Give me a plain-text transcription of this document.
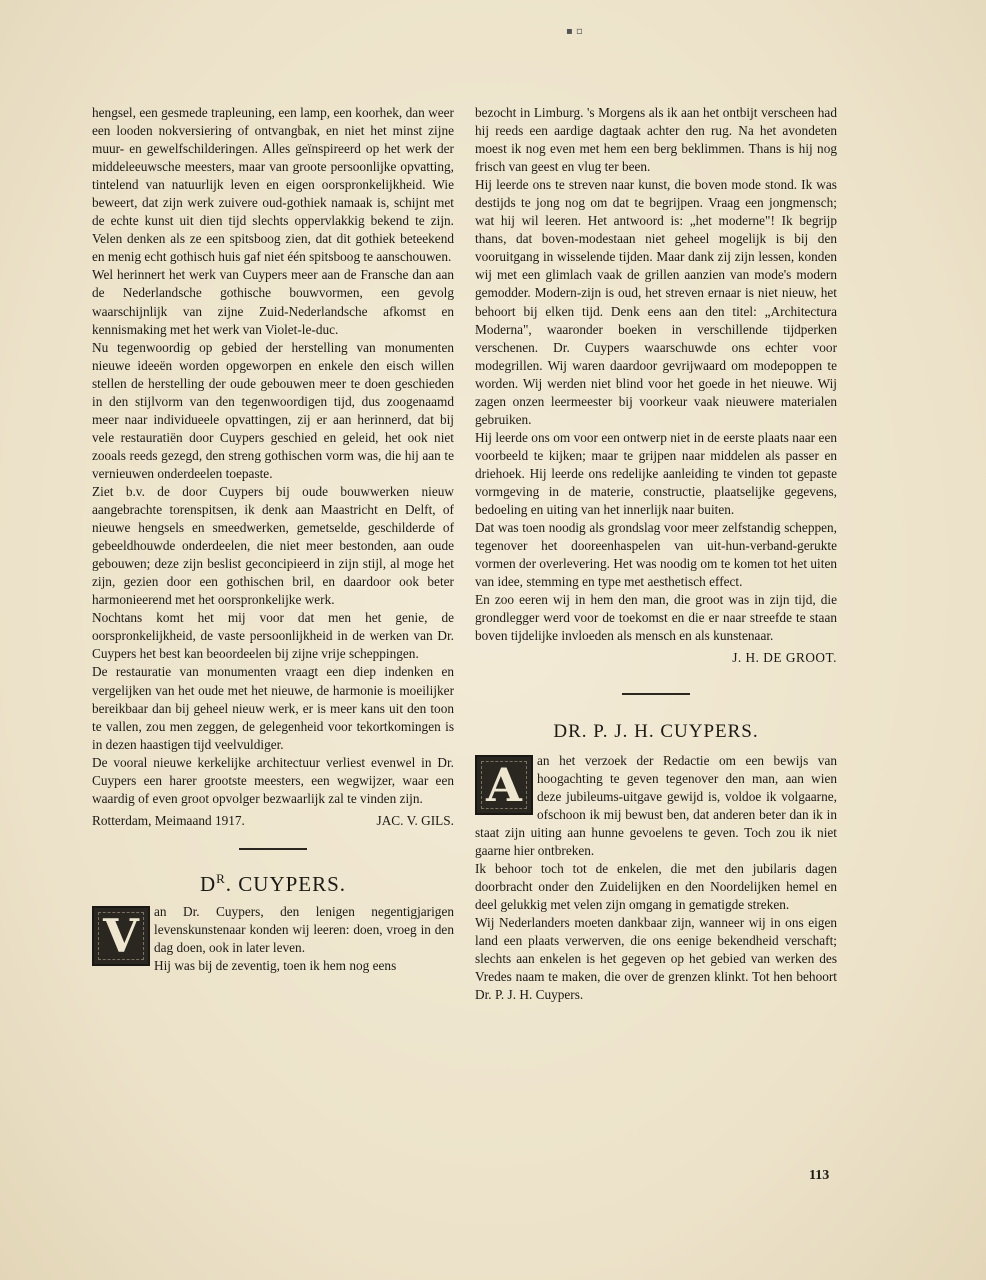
▪ ▫

hengsel, een gesmede trapleuning, een lamp, een koorhek, dan weer een looden nokversiering of ontvangbak, en niet het minst zijne muur- en gewelfschilderingen. Alles geïnspireerd op het werk der middeleeuwsche meesters, maar van groote persoonlijke opvatting, tintelend van natuurlijk leven en eigen oorspronkelijkheid. Wie beweert, dat zijn werk zuivere oud-gothiek namaak is, schijnt met de echte kunst uit dien tijd slechts oppervlakkig bekend te zijn. Velen denken als ze een spitsboog zien, dat dit gothiek beteekend en menig echt gothisch huis gaf niet één spitsboog te aanschouwen.

Wel herinnert het werk van Cuypers meer aan de Fransche dan aan de Nederlandsche gothische bouwvormen, een gevolg waarschijnlijk van zijne Zuid-Nederlandsche afkomst en kennismaking met het werk van Violet-le-duc.

Nu tegenwoordig op gebied der herstelling van monumenten nieuwe ideeën worden opgeworpen en enkele den eisch willen stellen de herstelling der oude gebouwen meer te doen geschieden in den stijlvorm van den tegenwoordigen tijd, dus zoogenaamd meer naar individueele opvattingen, zij er aan herinnerd, dat bij vele restauratiën door Cuypers geschied en geleid, het ook niet zooals reeds gezegd, den streng gothischen vorm was, die hij aan te vernieuwen onderdeelen toepaste.

Ziet b.v. de door Cuypers bij oude bouwwerken nieuw aangebrachte torenspitsen, ik denk aan Maastricht en Delft, of nieuwe hengsels en smeedwerken, gemetselde, geschilderde of gebeeldhouwde onderdeelen, die niet meer bestonden, aan oude gebouwen; deze zijn beslist geconcipieerd in zijn stijl, al moge het zijn, gezien door een gothischen bril, en daardoor ook beter harmonieerend met het oorspronkelijke werk.

Nochtans komt het mij voor dat men het genie, de oorspronkelijkheid, de vaste persoonlijkheid in de werken van Dr. Cuypers het best kan beoordeelen bij zijne vrije scheppingen.

De restauratie van monumenten vraagt een diep indenken en vergelijken van het oude met het nieuwe, de harmonie is moeilijker bereikbaar dan bij geheel nieuw werk, er is meer kans uit den toon te vallen, zou men zeggen, de gelegenheid voor tekortkomingen is in dezen haastigen tijd veelvuldiger.

De vooral nieuwe kerkelijke architectuur verliest evenwel in Dr. Cuypers een harer grootste meesters, een wegwijzer, waar een waardig of even groot opvolger bezwaarlijk zal te vinden zijn.

Rotterdam, Meimaand 1917.	JAC. V. GILS.
$D^R$. CUYPERS.
V	an Dr. Cuypers, den lenigen negentigjarigen levenskunstenaar konden wij leeren: doen, vroeg in den dag doen, ook in later leven.

Hij was bij de zeventig, toen ik hem nog eens

bezocht in Limburg. 's Morgens als ik aan het ontbijt verscheen had hij reeds een aardige dagtaak achter den rug. Na het avondeten moest ik nog even met hem een berg beklimmen. Thans is hij nog frisch van geest en vlug ter been.

Hij leerde ons te streven naar kunst, die boven mode stond. Ik was destijds te jong nog om dat te begrijpen. Vraag een jongmensch; wat hij wil leeren. Het antwoord is: „het moderne"! Ik begrijp thans, dat boven-modestaan niet geheel mogelijk is bij den vooruitgang in wisselende tijden. Maar dank zij zijn lessen, konden wij met een glimlach vaak de grillen aanzien van mode's modern gemodder. Modern-zijn is oud, het streven ernaar is niet nieuw, het behoort bij elken tijd. Denk eens aan den titel: „Architectura Moderna", waaronder boeken in verschillende tijdperken verschenen. Dr. Cuypers waarschuwde ons echter voor modegrillen. Wij waren daardoor gevrijwaard om modepoppen te worden. Wij werden niet blind voor het goede in het nieuwe. Wij zagen onzen leermeester bij voorkeur vaak nieuwere materialen gebruiken.

Hij leerde ons om voor een ontwerp niet in de eerste plaats naar een voorbeeld te kijken; maar te grijpen naar middelen als passer en driehoek. Hij leerde ons redelijke aanleiding te vinden tot gepaste vormgeving in de materie, constructie, plaatselijke gegevens, bedoeling en uiting van het innerlijk naar buiten.

Dat was toen noodig als grondslag voor meer zelfstandig scheppen, tegenover het dooreenhaspelen van uit-hun-verband-gerukte vormen der overlevering. Het was noodig om te komen tot het uiten van idee, stemming en type met aesthetisch effect.

En zoo eeren wij in hem den man, die groot was in zijn tijd, die grondlegger werd voor de toekomst en die er naar streefde te staan boven tijdelijke invloeden als mensch en als kunstenaar.

J. H. DE GROOT.
DR. P. J. H. CUYPERS.
A	an het verzoek der Redactie om een bewijs van hoogachting te geven tegenover den man, aan wien deze jubileums-uitgave gewijd is, voldoe ik volgaarne, ofschoon ik mij bewust ben, dat anderen beter dan ik in staat zijn uiting aan hunne gevoelens te geven. Toch zou ik niet gaarne hier ontbreken.

Ik behoor toch tot de enkelen, die met den jubilaris dagen doorbracht onder den Zuidelijken en den Noordelijken hemel en deel gelukkig met velen zijn omgang in gematigde streken.

Wij Nederlanders moeten dankbaar zijn, wanneer wij in ons eigen land een plaats verwerven, die ons eenige bekendheid verschaft; slechts aan enkelen is het gegeven op het gebied van werken des Vredes naam te maken, die over de grenzen klinkt. Tot hen behoort Dr. P. J. H. Cuypers.

113
